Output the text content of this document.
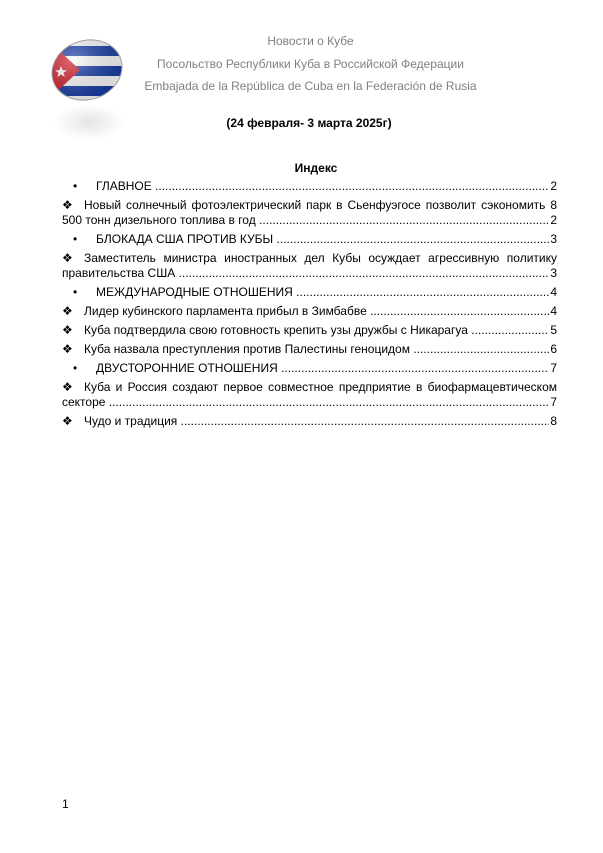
Новости о Кубе
Посольство Республики Куба в Российской Федерации
Embajada de la República de Cuba en la Federación de Rusia
(24 февраля- 3 марта 2025г)
Индекс
• ГЛАВНОЕ .....	2
❖ Новый солнечный фотоэлектрический парк в Сьенфуэгосе позволит сэкономить 8
500 тонн дизельного топлива в год .....	2
• БЛОКАДА США ПРОТИВ КУБЫ .....	3
❖ Заместитель министра иностранных дел Кубы осуждает агрессивную политику
правительства США .....	3
• МЕЖДУНАРОДНЫЕ ОТНОШЕНИЯ .....	4
❖ Лидер кубинского парламента прибыл в Зимбабве .....	4
❖ Куба подтвердила свою готовность крепить узы дружбы с Никарагуа .....	5
❖ Куба назвала преступления против Палестины геноцидом .....	6
• ДВУСТОРОННИЕ ОТНОШЕНИЯ .....	7
❖ Куба и Россия создают первое совместное предприятие в биофармацевтическом
секторе .....	7
❖ Чудо и традиция .....	8
1
